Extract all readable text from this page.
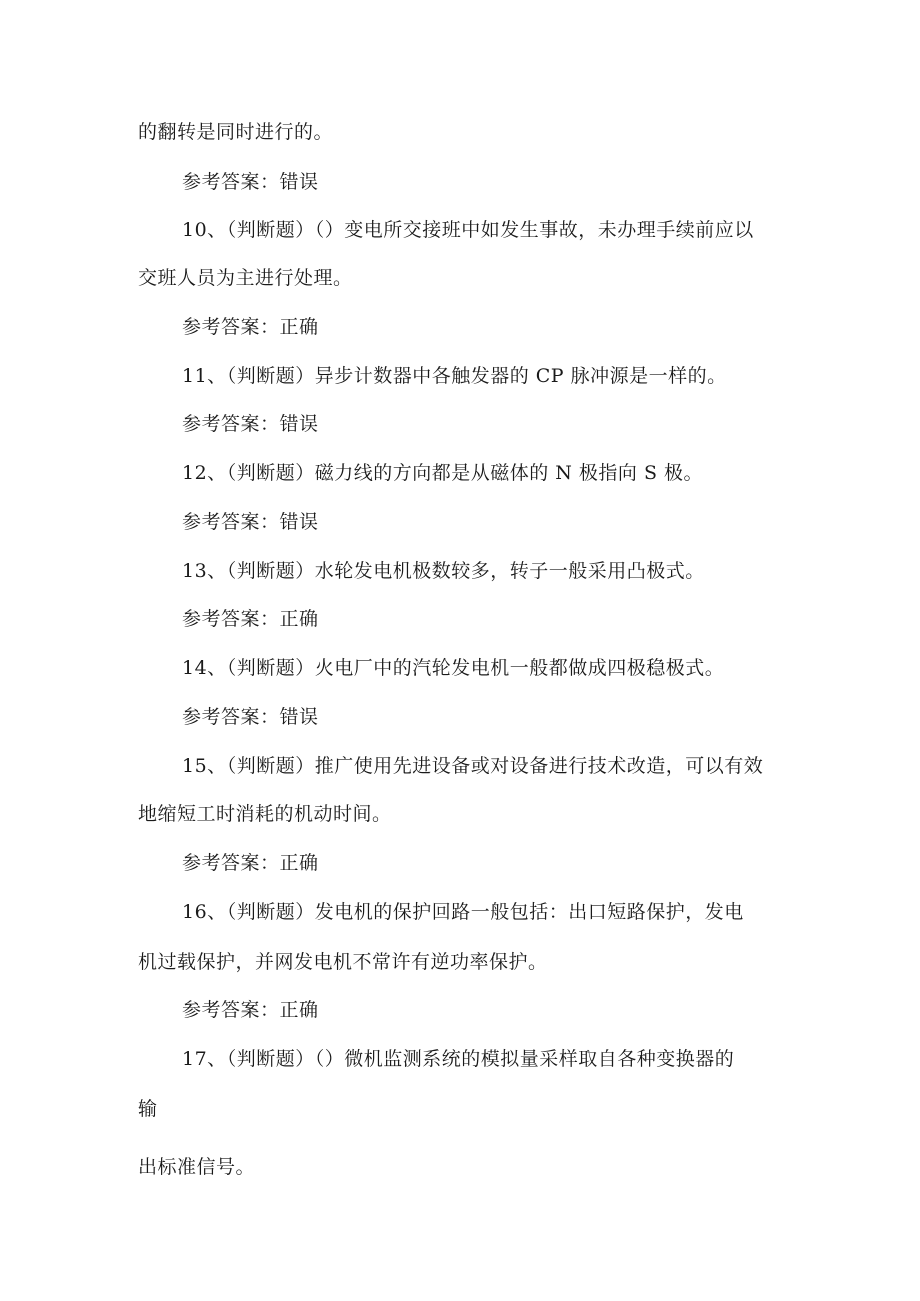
的翻转是同时进行的。
参考答案：错误
10、（判断题）（）变电所交接班中如发生事故，未办理手续前应以
交班人员为主进行处理。
参考答案：正确
11、（判断题）异步计数器中各触发器的 CP 脉冲源是一样的。
参考答案：错误
12、（判断题）磁力线的方向都是从磁体的 N 极指向 S 极。
参考答案：错误
13、（判断题）水轮发电机极数较多，转子一般采用凸极式。
参考答案：正确
14、（判断题）火电厂中的汽轮发电机一般都做成四极稳极式。
参考答案：错误
15、（判断题）推广使用先进设备或对设备进行技术改造，可以有效
地缩短工时消耗的机动时间。
参考答案：正确
16、（判断题）发电机的保护回路一般包括：出口短路保护，发电
机过载保护，并网发电机不常许有逆功率保护。
参考答案：正确
17、（判断题）（）微机监测系统的模拟量采样取自各种变换器的
输
出标准信号。
